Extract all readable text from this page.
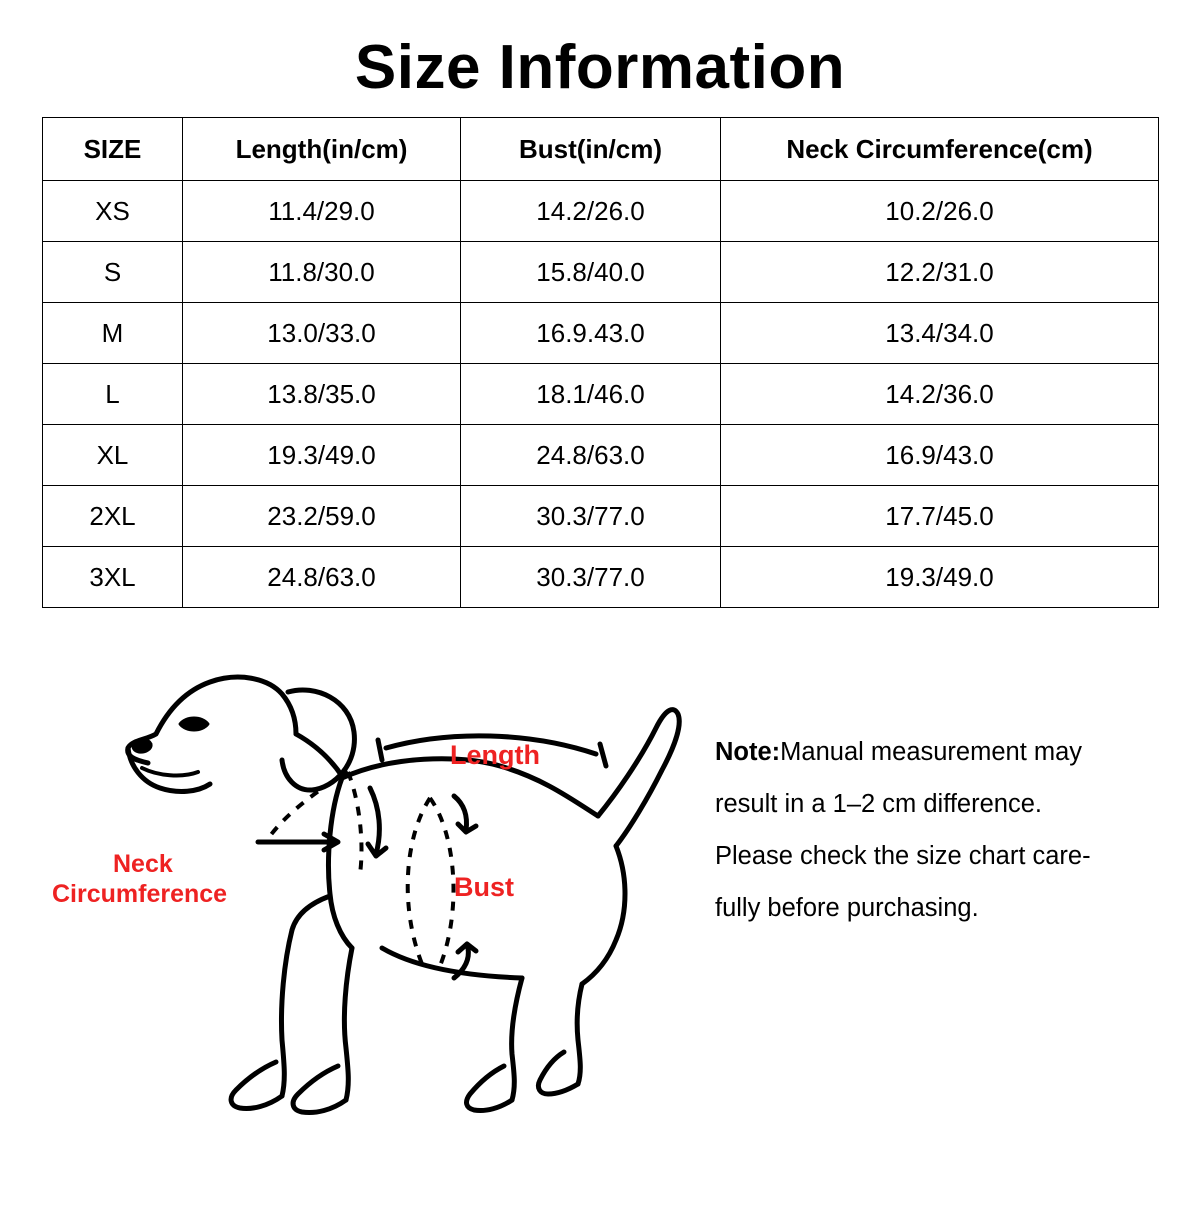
Size Information
SIZE	Length(in/cm)	Bust(in/cm)	Neck Circumference(cm)
XS	11.4/29.0	14.2/26.0	10.2/26.0
S	11.8/30.0	15.8/40.0	12.2/31.0
M	13.0/33.0	16.9.43.0	13.4/34.0
L	13.8/35.0	18.1/46.0	14.2/36.0
XL	19.3/49.0	24.8/63.0	16.9/43.0
2XL	23.2/59.0	30.3/77.0	17.7/45.0
3XL	24.8/63.0	30.3/77.0	19.3/49.0
Length
Bust
Neck
Circumference
Note:Manual measurement may
result in a 1–2 cm difference.
Please check the size chart care-
fully before purchasing.
